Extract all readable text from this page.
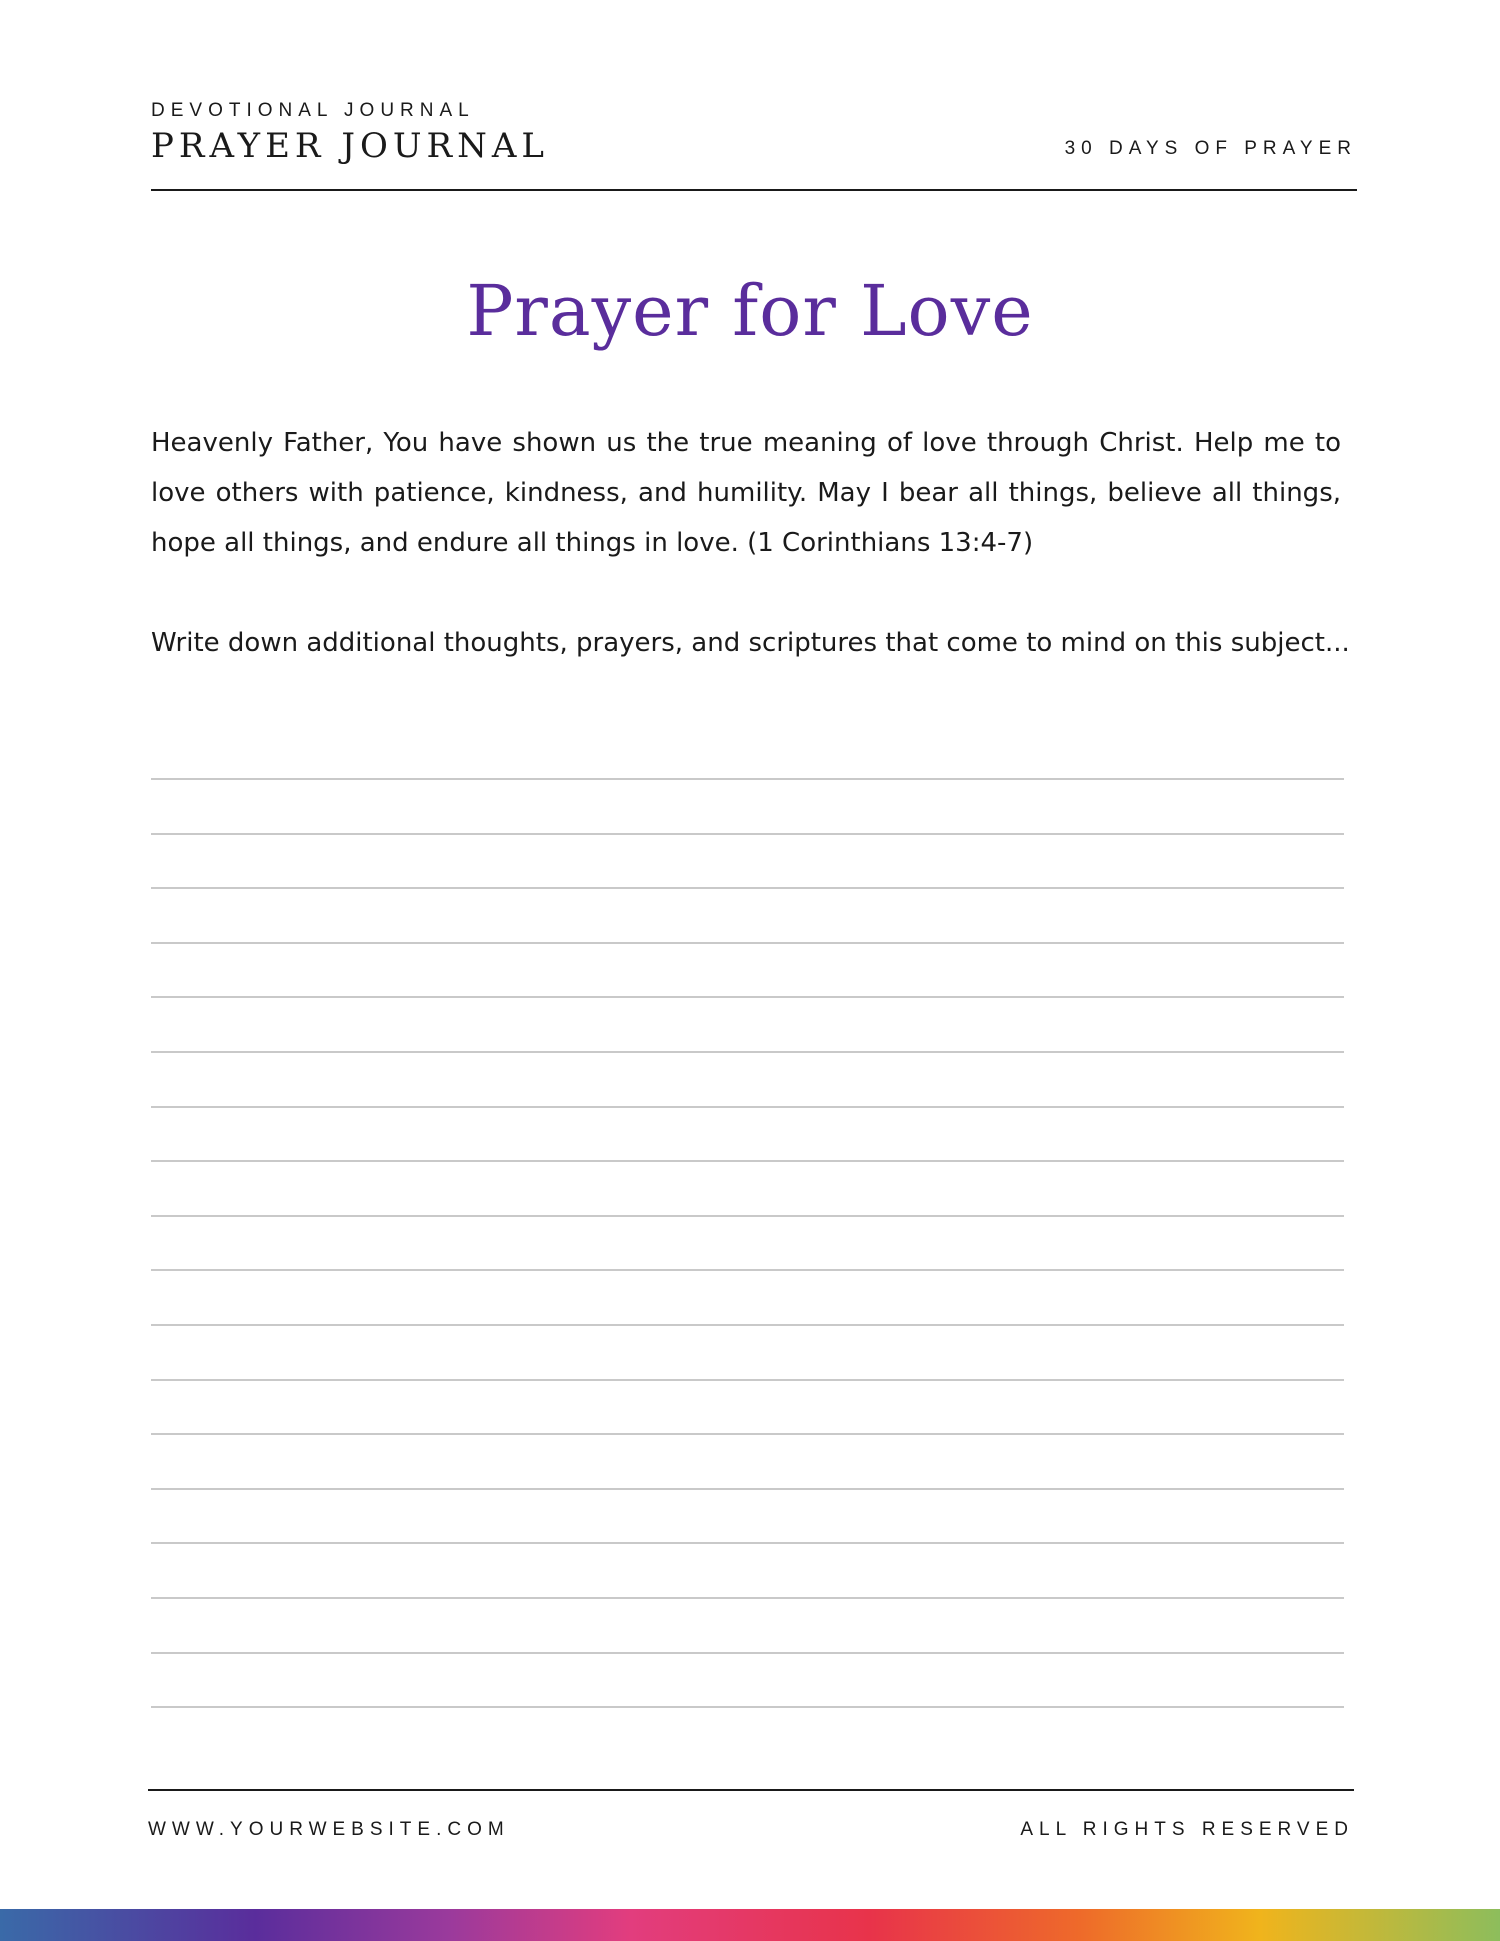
DEVOTIONAL JOURNAL
PRAYER JOURNAL	30 DAYS OF PRAYER
Prayer for Love

Heavenly Father, You have shown us the true meaning of love through Christ. Help me to love others with patience, kindness, and humility. May I bear all things, believe all things, hope all things, and endure all things in love. (1 Corinthians 13:4-7)

Write down additional thoughts, prayers, and scriptures that come to mind on this subject...

WWW.YOURWEBSITE.COM	ALL RIGHTS RESERVED
